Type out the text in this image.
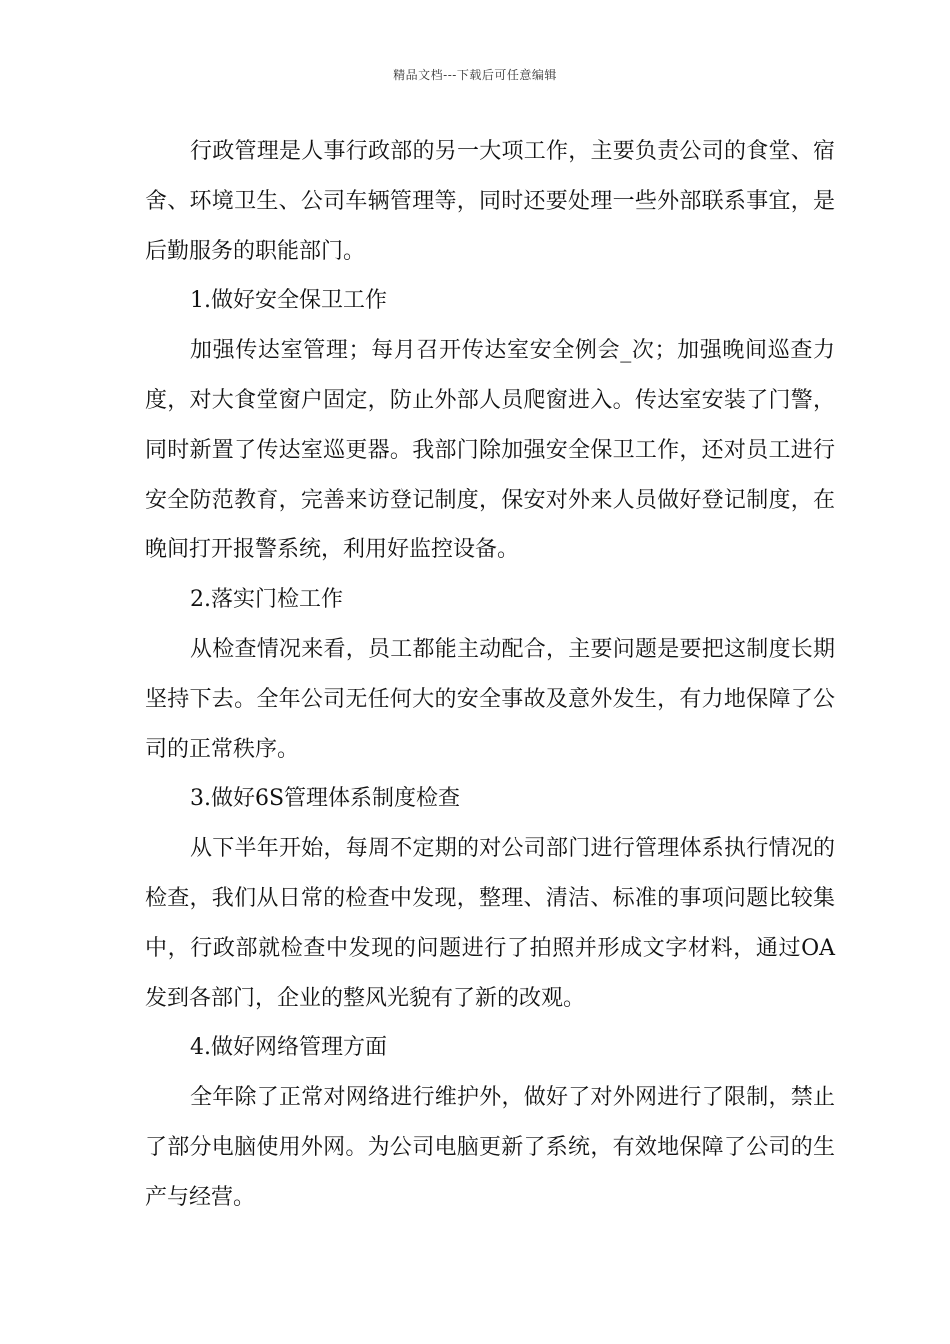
精品文档---下载后可任意编辑

行政管理是人事行政部的另一大项工作，主要负责公司的食堂、宿舍、环境卫生、公司车辆管理等，同时还要处理一些外部联系事宜，是后勤服务的职能部门。

1.做好安全保卫工作

加强传达室管理；每月召开传达室安全例会_次；加强晚间巡查力度，对大食堂窗户固定，防止外部人员爬窗进入。传达室安装了门警，同时新置了传达室巡更器。我部门除加强安全保卫工作，还对员工进行安全防范教育，完善来访登记制度，保安对外来人员做好登记制度，在晚间打开报警系统，利用好监控设备。

2.落实门检工作

从检查情况来看，员工都能主动配合，主要问题是要把这制度长期坚持下去。全年公司无任何大的安全事故及意外发生，有力地保障了公司的正常秩序。

3.做好6S管理体系制度检查

从下半年开始，每周不定期的对公司部门进行管理体系执行情况的检查，我们从日常的检查中发现，整理、清洁、标准的事项问题比较集中，行政部就检查中发现的问题进行了拍照并形成文字材料，通过OA发到各部门，企业的整风光貌有了新的改观。

4.做好网络管理方面

全年除了正常对网络进行维护外，做好了对外网进行了限制，禁止了部分电脑使用外网。为公司电脑更新了系统，有效地保障了公司的生产与经营。
